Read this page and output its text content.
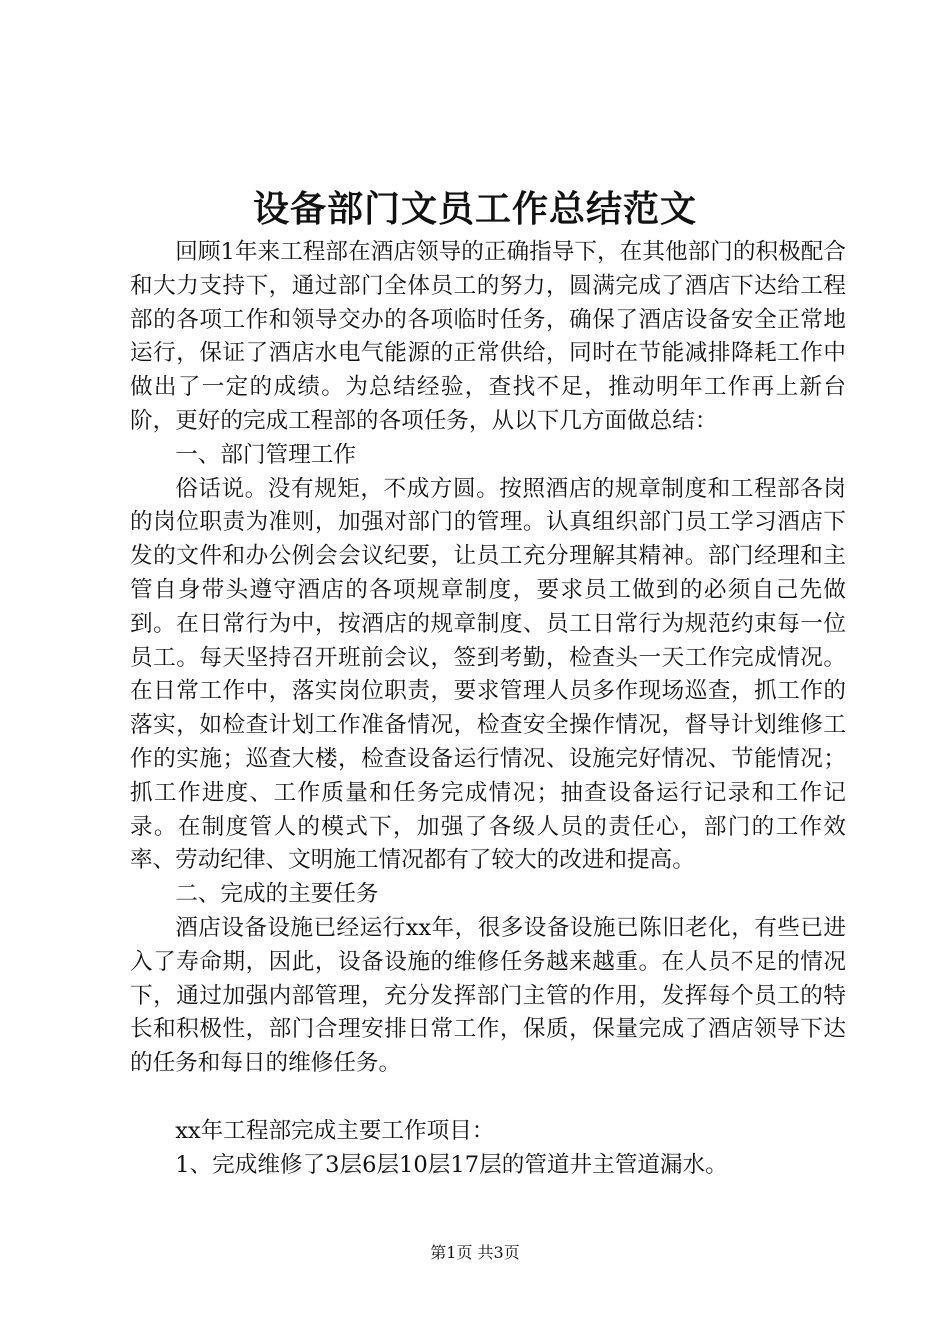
设备部门文员工作总结范文

回顾1年来工程部在酒店领导的正确指导下，在其他部门的积极配合和大力支持下，通过部门全体员工的努力，圆满完成了酒店下达给工程部的各项工作和领导交办的各项临时任务，确保了酒店设备安全正常地运行，保证了酒店水电气能源的正常供给，同时在节能减排降耗工作中做出了一定的成绩。为总结经验，查找不足，推动明年工作再上新台阶，更好的完成工程部的各项任务，从以下几方面做总结：

一、部门管理工作

俗话说。没有规矩，不成方圆。按照酒店的规章制度和工程部各岗的岗位职责为准则，加强对部门的管理。认真组织部门员工学习酒店下发的文件和办公例会会议纪要，让员工充分理解其精神。部门经理和主管自身带头遵守酒店的各项规章制度，要求员工做到的必须自己先做到。在日常行为中，按酒店的规章制度、员工日常行为规范约束每一位员工。每天坚持召开班前会议，签到考勤，检查头一天工作完成情况。在日常工作中，落实岗位职责，要求管理人员多作现场巡查，抓工作的落实，如检查计划工作准备情况，检查安全操作情况，督导计划维修工作的实施；巡查大楼，检查设备运行情况、设施完好情况、节能情况；抓工作进度、工作质量和任务完成情况；抽查设备运行记录和工作记录。在制度管人的模式下，加强了各级人员的责任心，部门的工作效率、劳动纪律、文明施工情况都有了较大的改进和提高。

二、完成的主要任务

酒店设备设施已经运行xx年，很多设备设施已陈旧老化，有些已进入了寿命期，因此，设备设施的维修任务越来越重。在人员不足的情况下，通过加强内部管理，充分发挥部门主管的作用，发挥每个员工的特长和积极性，部门合理安排日常工作，保质，保量完成了酒店领导下达的任务和每日的维修任务。

xx年工程部完成主要工作项目：

1、完成维修了3层6层10层17层的管道井主管道漏水。

第1页 共3页
